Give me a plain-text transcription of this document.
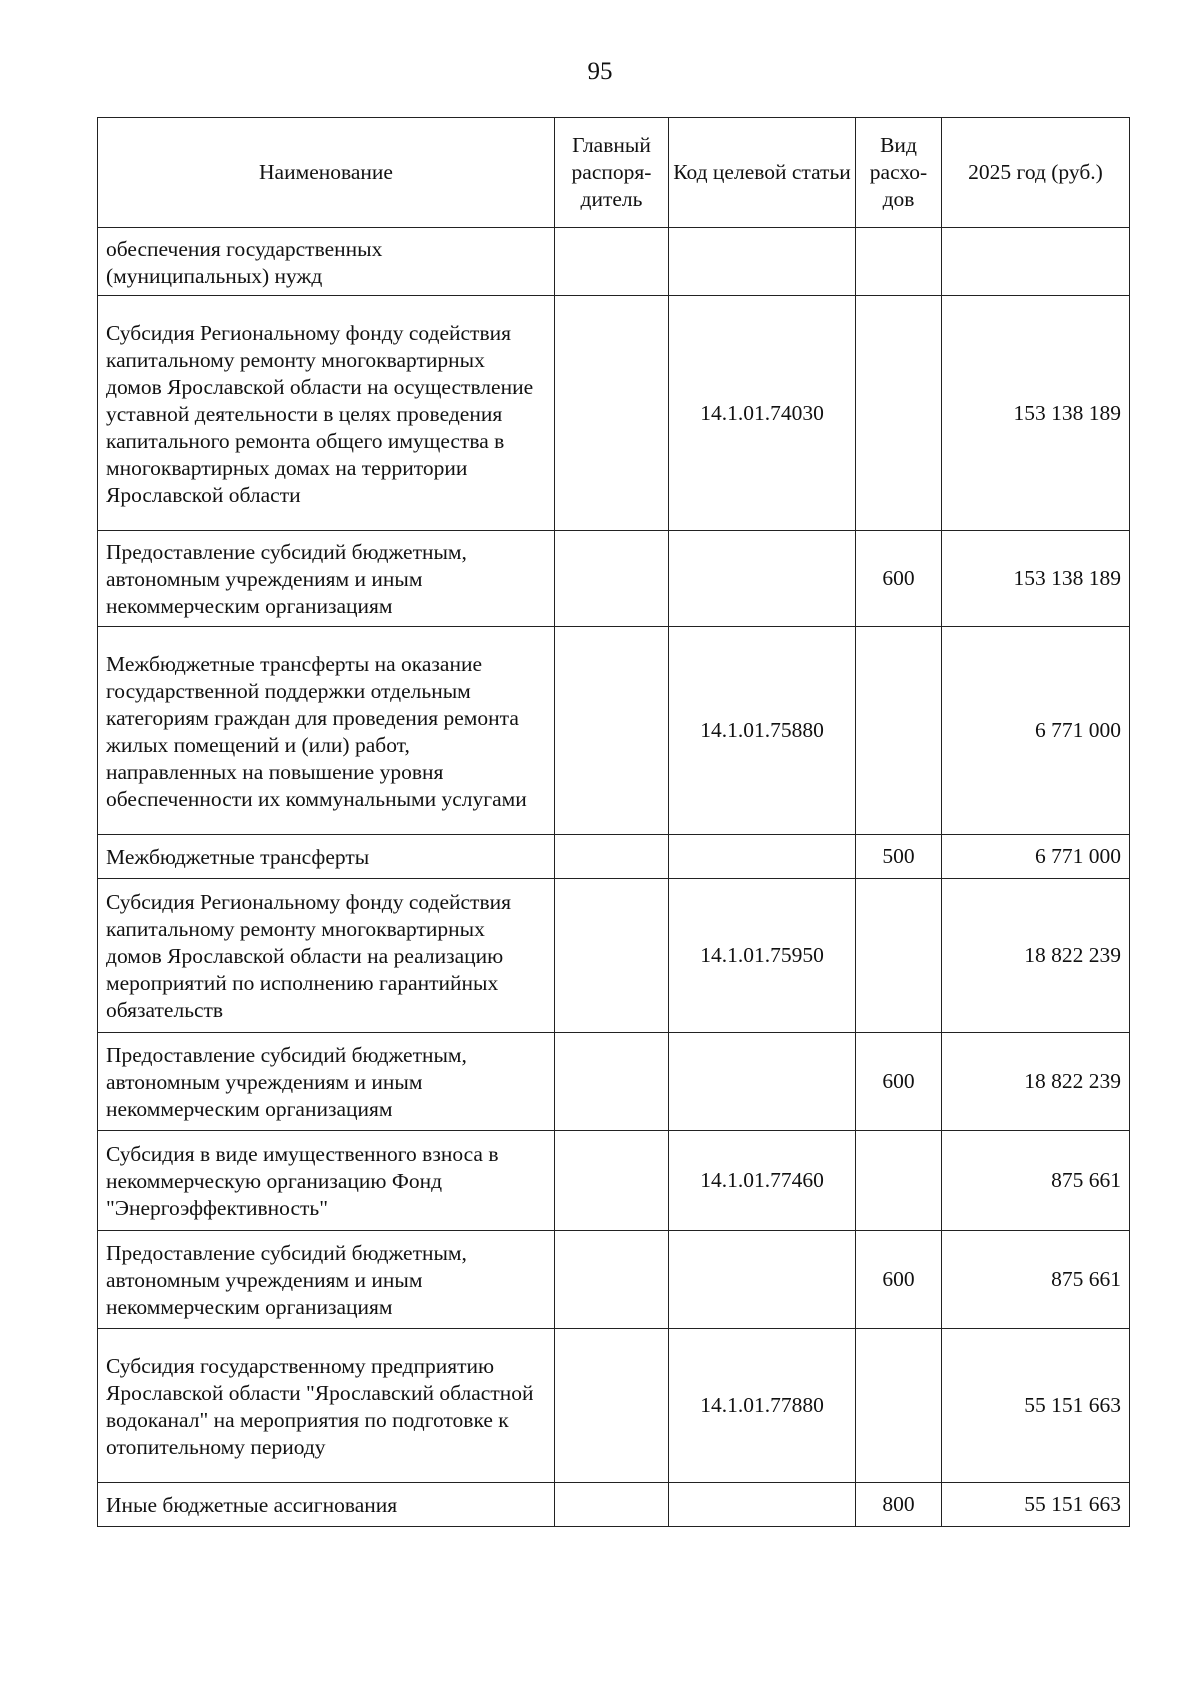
95
Наименование	Главный распоря-дитель	Код целевой статьи	Вид расхо-дов	2025 год (руб.)
обеспечения государственных (муниципальных) нужд				
Субсидия Региональному фонду содействия капитальному ремонту многоквартирных домов Ярославской области на осуществление уставной деятельности в целях проведения капитального ремонта общего имущества в многоквартирных домах на территории Ярославской области		14.1.01.74030		153 138 189
Предоставление субсидий бюджетным, автономным учреждениям и иным некоммерческим организациям			600	153 138 189
Межбюджетные трансферты на оказание государственной поддержки отдельным категориям граждан для проведения ремонта жилых помещений и (или) работ, направленных на повышение уровня обеспеченности их коммунальными услугами		14.1.01.75880		6 771 000
Межбюджетные трансферты			500	6 771 000
Субсидия Региональному фонду содействия капитальному ремонту многоквартирных домов Ярославской области на реализацию мероприятий по исполнению гарантийных обязательств		14.1.01.75950		18 822 239
Предоставление субсидий бюджетным, автономным учреждениям и иным некоммерческим организациям			600	18 822 239
Субсидия в виде имущественного взноса в некоммерческую организацию Фонд "Энергоэффективность"		14.1.01.77460		875 661
Предоставление субсидий бюджетным, автономным учреждениям и иным некоммерческим организациям			600	875 661
Субсидия государственному предприятию Ярославской области "Ярославский областной водоканал" на мероприятия по подготовке к отопительному периоду		14.1.01.77880		55 151 663
Иные бюджетные ассигнования			800	55 151 663
